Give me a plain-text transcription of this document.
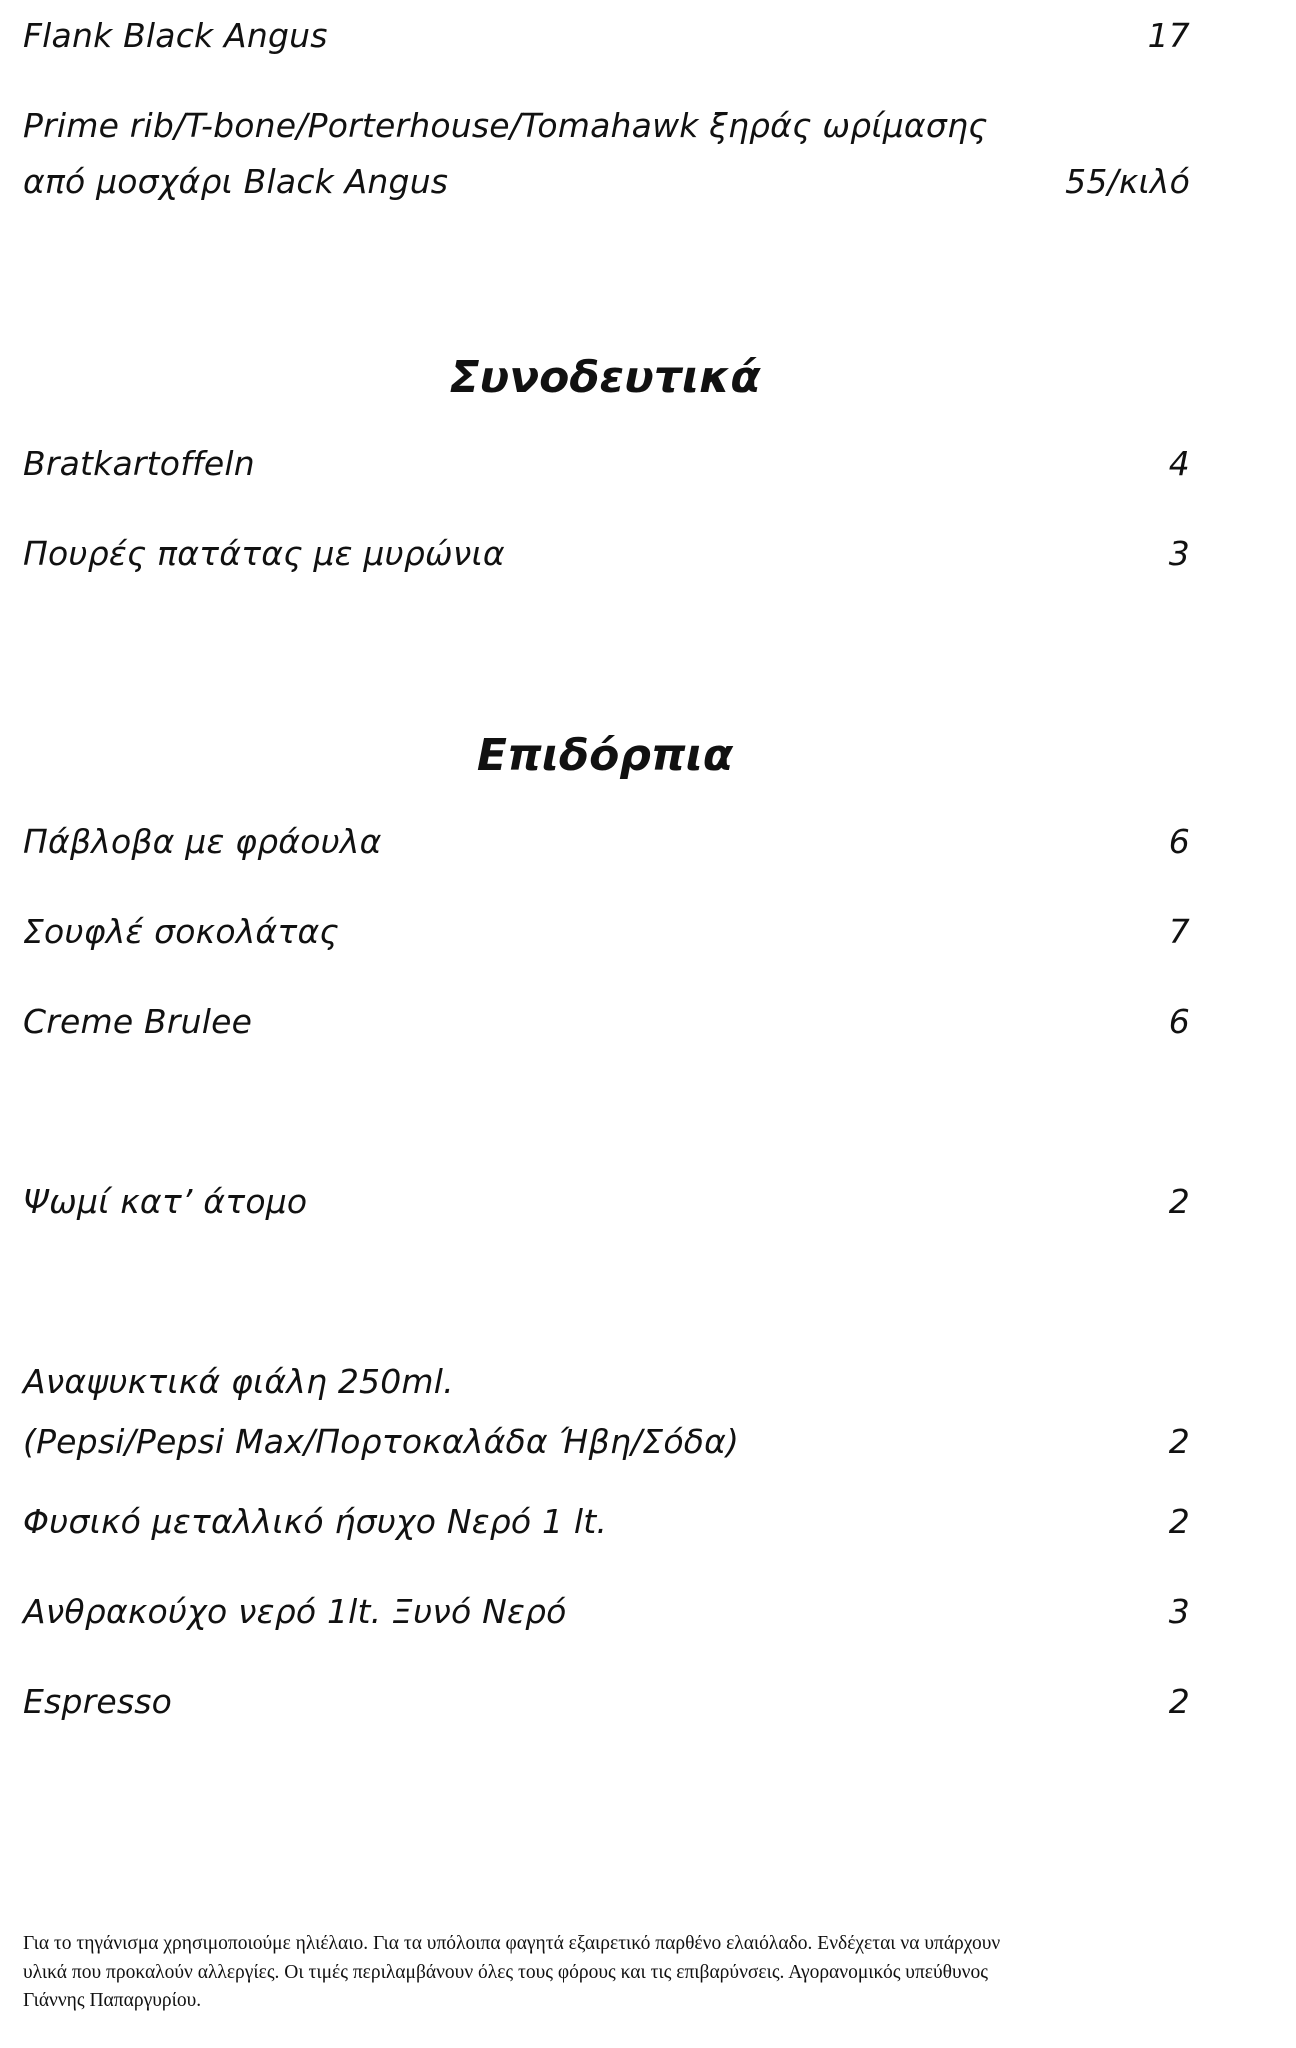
Flank Black Angus	17
Prime rib/T-bone/Porterhouse/Tomahawk ξηράς ωρίμασης
από μοσχάρι Black Angus	55/κιλό
Συνοδευτικά
Bratkartoffeln	4
Πουρές πατάτας με μυρώνια	3
Επιδόρπια
Πάβλοβα με φράουλα	6
Σουφλέ σοκολάτας	7
Creme Brulee	6
Ψωμί κατ’ άτομο	2
Αναψυκτικά φιάλη 250ml.
(Pepsi/Pepsi Max/Πορτοκαλάδα Ήβη/Σόδα)	2
Φυσικό μεταλλικό ήσυχο Νερό 1 lt.	2
Ανθρακούχο νερό 1lt. Ξυνό Νερό	3
Espresso	2
Για το τηγάνισμα χρησιμοποιούμε ηλιέλαιο. Για τα υπόλοιπα φαγητά εξαιρετικό παρθένο ελαιόλαδο. Ενδέχεται να υπάρχουν
υλικά που προκαλούν αλλεργίες. Οι τιμές περιλαμβάνουν όλες τους φόρους και τις επιβαρύνσεις. Αγορανομικός υπεύθυνος
Γιάννης Παπαργυρίου.
